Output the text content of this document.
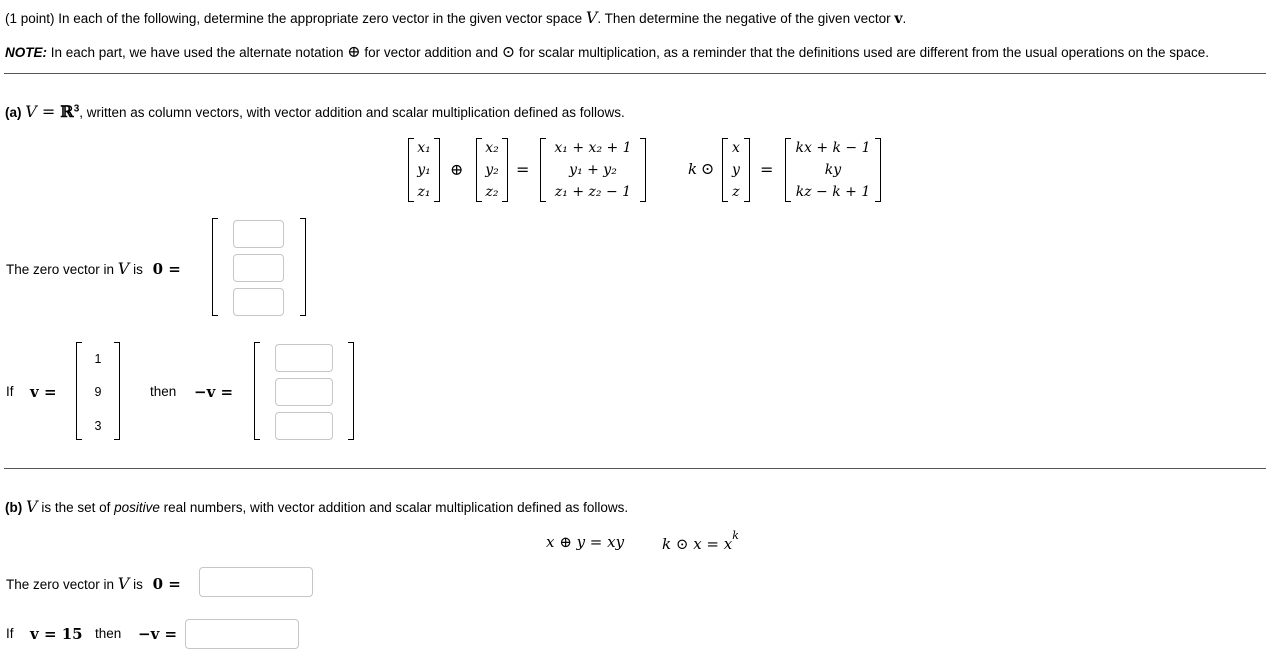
(1 point) In each of the following, determine the appropriate zero vector in the given vector space V. Then determine the negative of the given vector v.
NOTE: In each part, we have used the alternate notation ⊕ for vector addition and ⊙ for scalar multiplication, as a reminder that the definitions used are different from the usual operations on the space.
(a) V = ℝ$^3$, written as column vectors, with vector addition and scalar multiplication defined as follows.
x₁
y₁
z₁
⊕
x₂
y₂
z₂
=
x₁ + x₂ + 1
y₁ + y₂
z₁ + z₂ − 1
k ⊙
x
y
z
=
kx + k − 1
ky
kz − k + 1
The zero vector in V is 0 =
If v =
1
9
3
then −v =
(b) V is the set of positive real numbers, with vector addition and scalar multiplication defined as follows.
x ⊕ y = xy	k ⊙ $x = x^k$
The zero vector in V is 0 =
If v = 15 then −v =
